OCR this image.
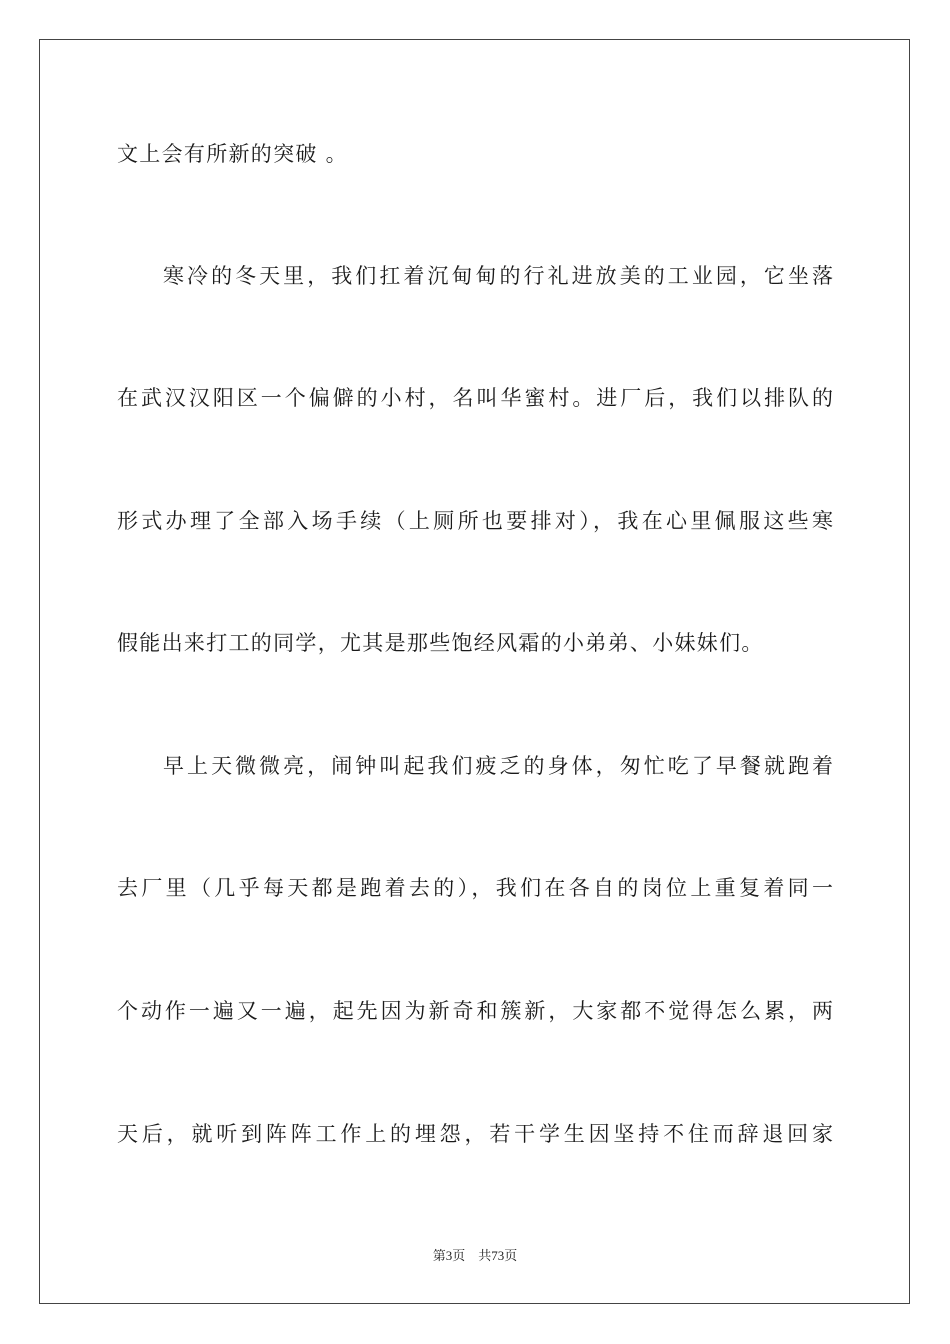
文上会有所新的突破 。
寒冷的冬天里，我们扛着沉甸甸的行礼进放美的工业园，它坐落
在武汉汉阳区一个偏僻的小村，名叫华蜜村。进厂后，我们以排队的
形式办理了全部入场手续（上厕所也要排对），我在心里佩服这些寒
假能出来打工的同学，尤其是那些饱经风霜的小弟弟、小妹妹们。
早上天微微亮，闹钟叫起我们疲乏的身体，匆忙吃了早餐就跑着
去厂里（几乎每天都是跑着去的），我们在各自的岗位上重复着同一
个动作一遍又一遍，起先因为新奇和簇新，大家都不觉得怎么累，两
天后，就听到阵阵工作上的埋怨，若干学生因坚持不住而辞退回家
第3页 共73页
